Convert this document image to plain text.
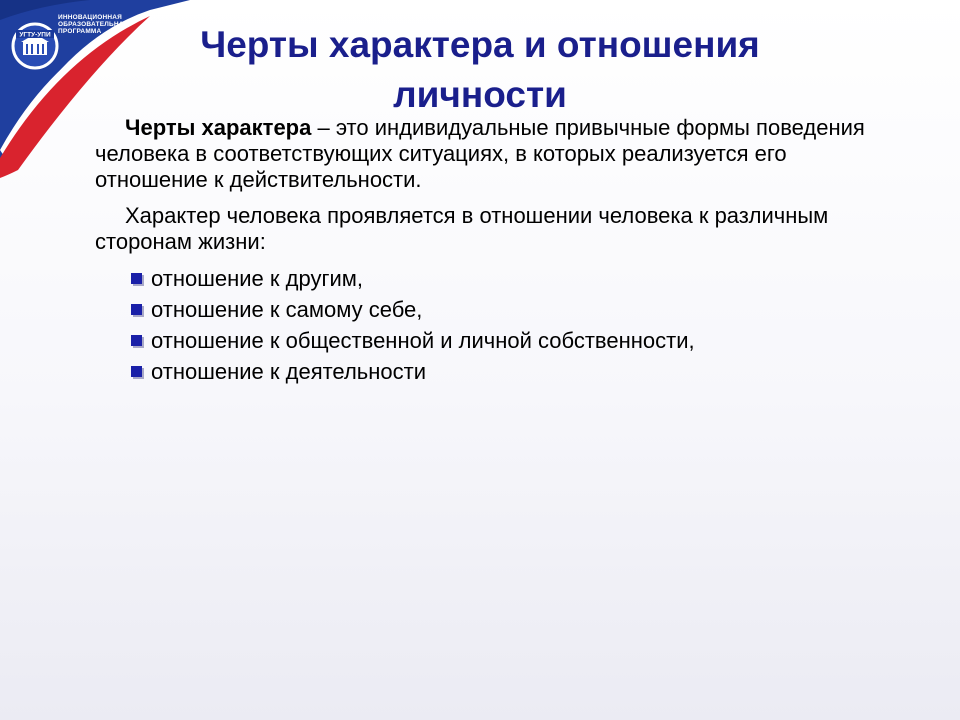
УГТУ-УПИ
ИННОВАЦИОННАЯ ОБРАЗОВАТЕЛЬНАЯ ПРОГРАММА	Черты характера и отношения личности

Черты характера – это индивидуальные привычные формы поведения человека в соответствующих ситуациях, в которых реализуется его отношение к действительности.

Характер человека проявляется в отношении человека к различным сторонам жизни:

отношение к другим,
отношение к самому себе,
отношение к общественной и личной собственности,
отношение к деятельности
